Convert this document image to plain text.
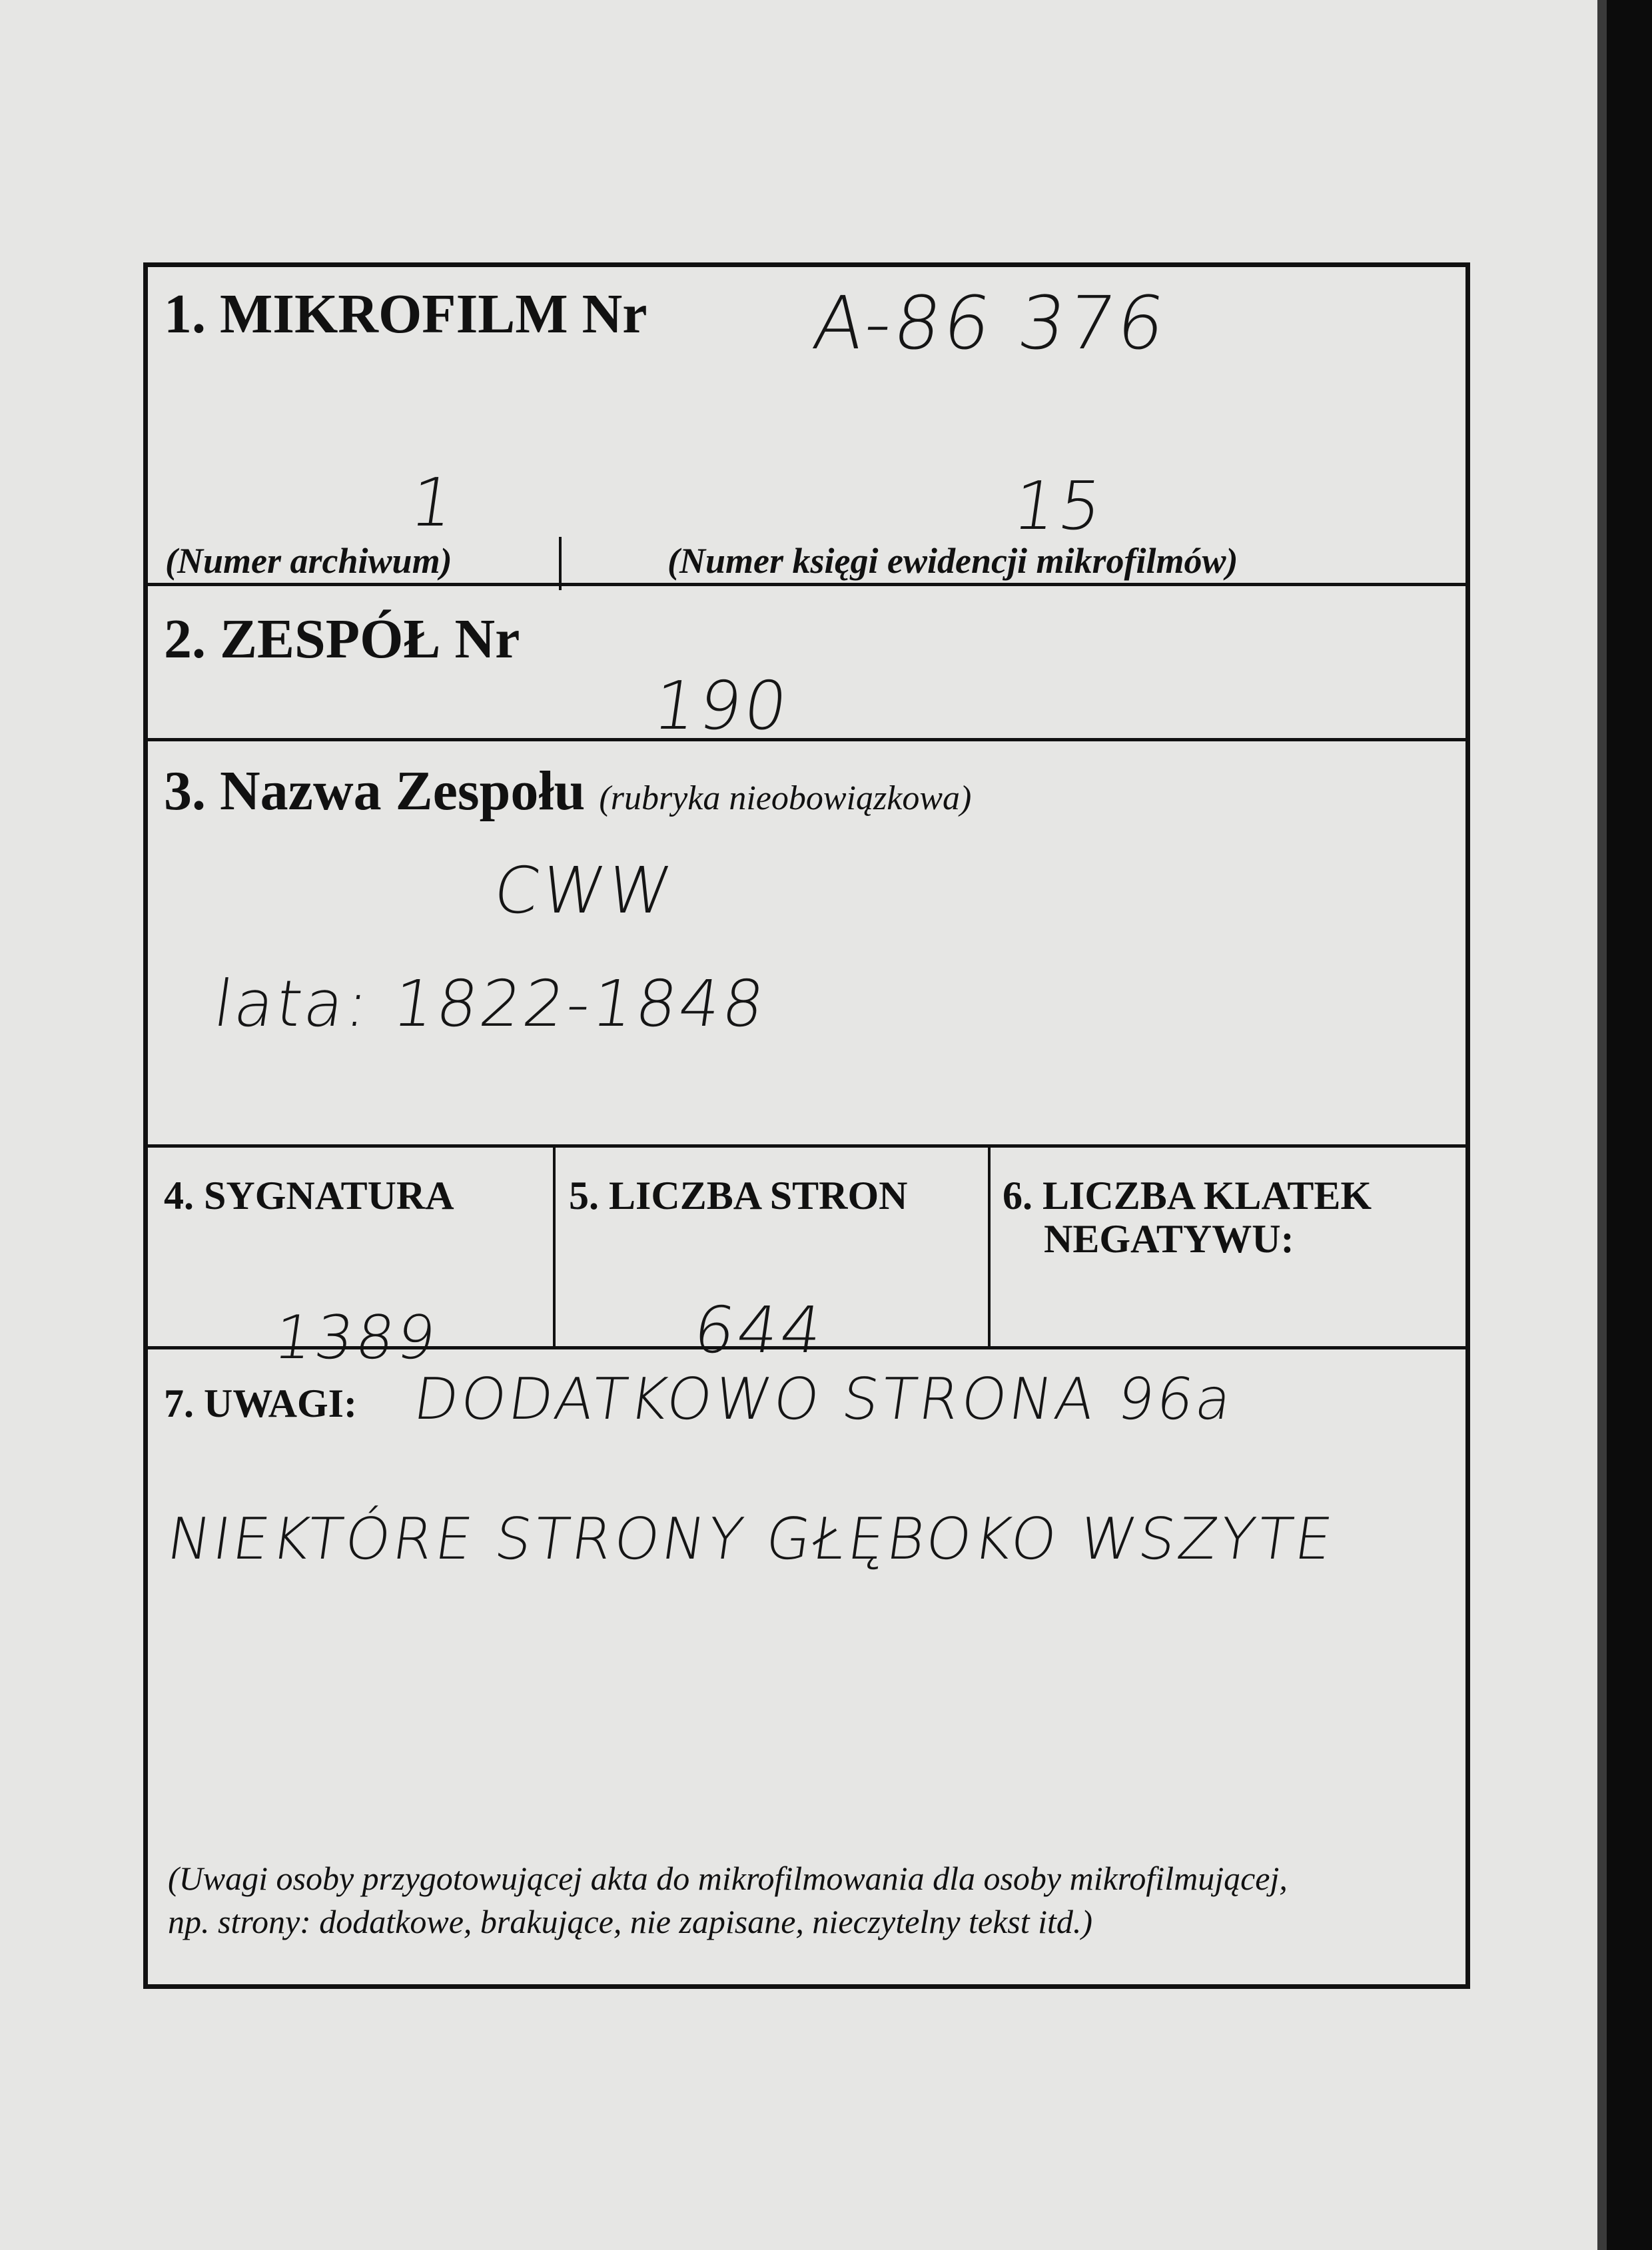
1. MIKROFILM Nr A-86 376
1	15
(Numer archiwum)	(Numer księgi ewidencji mikrofilmów)
2. ZESPÓŁ Nr
190
3. Nazwa Zespołu (rubryka nieobowiązkowa)
CWW
lata: 1822-1848
4. SYGNATURA
1389
5. LICZBA STRON
644
6. LICZBA KLATEK
NEGATYWU:
7. UWAGI: DODATKOWO STRONA 96a
NIEKTÓRE STRONY GŁĘBOKO WSZYTE
(Uwagi osoby przygotowującej akta do mikrofilmowania dla osoby mikrofilmującej,
np. strony: dodatkowe, brakujące, nie zapisane, nieczytelny tekst itd.)
